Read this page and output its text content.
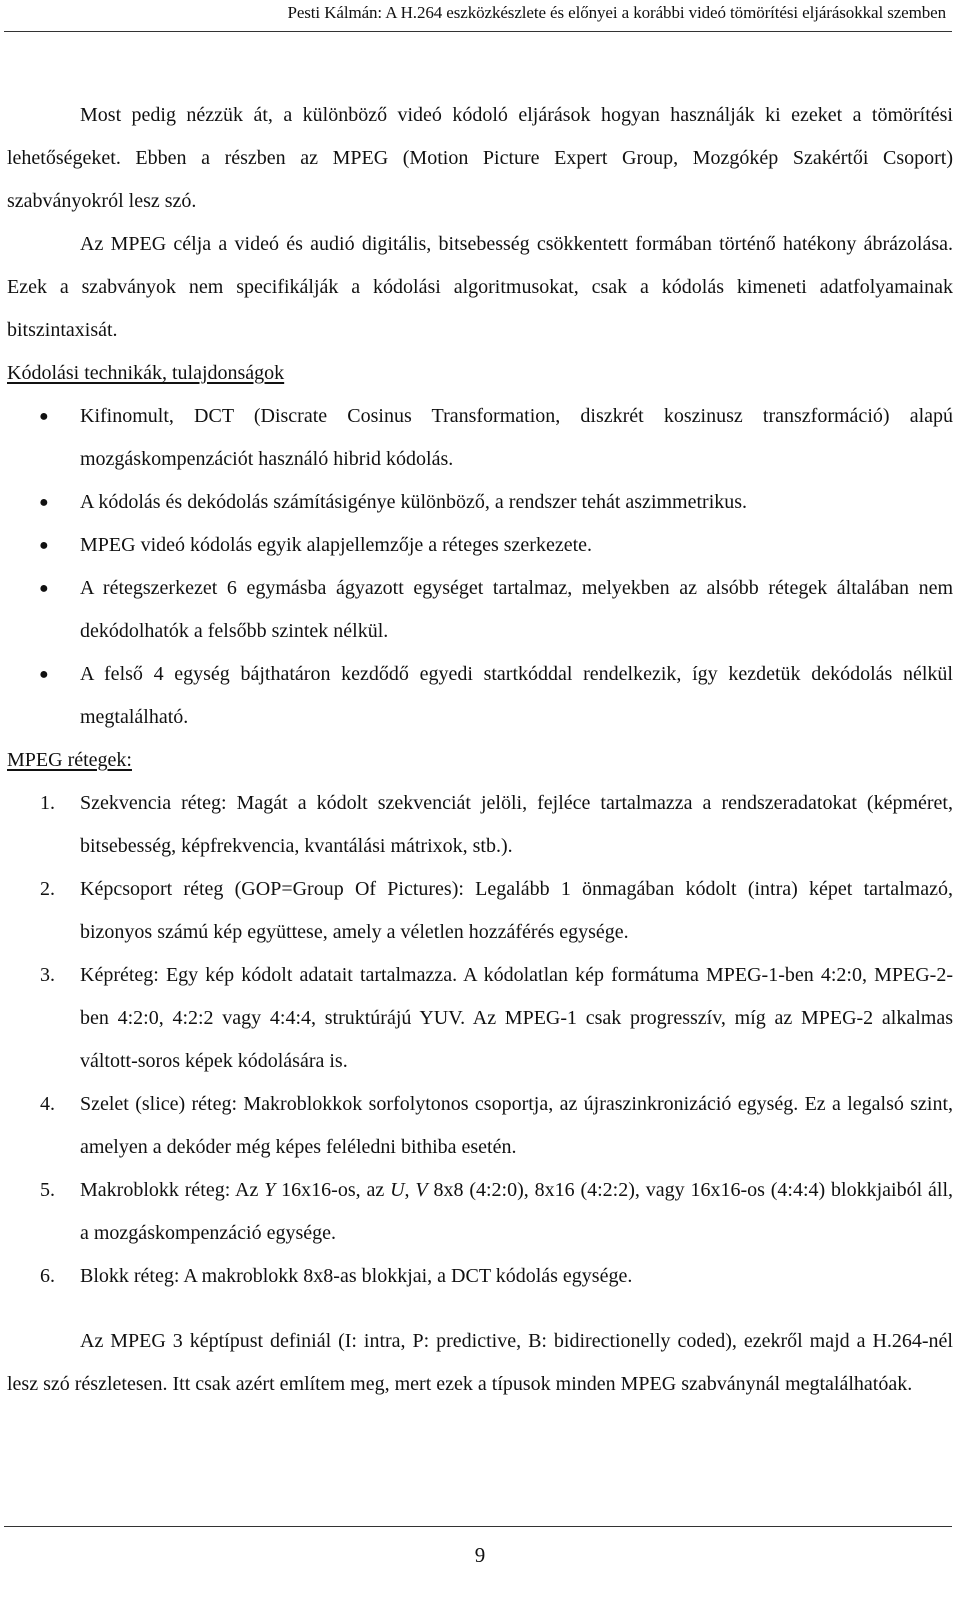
Pesti Kálmán: A H.264 eszközkészlete és előnyei a korábbi videó tömörítési eljárásokkal szemben

Most pedig nézzük át, a különböző videó kódoló eljárások hogyan használják ki ezeket a tömörítési lehetőségeket. Ebben a részben az MPEG (Motion Picture Expert Group, Mozgókép Szakértői Csoport) szabványokról lesz szó.

Az MPEG célja a videó és audió digitális, bitsebesség csökkentett formában történő hatékony ábrázolása. Ezek a szabványok nem specifikálják a kódolási algoritmusokat, csak a kódolás kimeneti adatfolyamainak bitszintaxisát.

Kódolási technikák, tulajdonságok
● Kifinomult, DCT (Discrate Cosinus Transformation, diszkrét koszinusz transzformáció) alapú mozgáskompenzációt használó hibrid kódolás.
● A kódolás és dekódolás számításigénye különböző, a rendszer tehát aszimmetrikus.
● MPEG videó kódolás egyik alapjellemzője a réteges szerkezete.
● A rétegszerkezet 6 egymásba ágyazott egységet tartalmaz, melyekben az alsóbb rétegek általában nem dekódolhatók a felsőbb szintek nélkül.
● A felső 4 egység bájthatáron kezdődő egyedi startkóddal rendelkezik, így kezdetük dekódolás nélkül megtalálható.
MPEG rétegek:
1. Szekvencia réteg: Magát a kódolt szekvenciát jelöli, fejléce tartalmazza a rendszeradatokat (képméret, bitsebesség, képfrekvencia, kvantálási mátrixok, stb.).
2. Képcsoport réteg (GOP=Group Of Pictures): Legalább 1 önmagában kódolt (intra) képet tartalmazó, bizonyos számú kép együttese, amely a véletlen hozzáférés egysége.
3. Képréteg: Egy kép kódolt adatait tartalmazza. A kódolatlan kép formátuma MPEG-1-ben 4:2:0, MPEG-2-ben 4:2:0, 4:2:2 vagy 4:4:4, struktúrájú YUV. Az MPEG-1 csak progresszív, míg az MPEG-2 alkalmas váltott-soros képek kódolására is.
4. Szelet (slice) réteg: Makroblokkok sorfolytonos csoportja, az újraszinkronizáció egység. Ez a legalsó szint, amelyen a dekóder még képes feléledni bithiba esetén.
5. Makroblokk réteg: Az Y 16x16-os, az U, V 8x8 (4:2:0), 8x16 (4:2:2), vagy 16x16-os (4:4:4) blokkjaiból áll, a mozgáskompenzáció egysége.
6. Blokk réteg: A makroblokk 8x8-as blokkjai, a DCT kódolás egysége.

Az MPEG 3 képtípust definiál (I: intra, P: predictive, B: bidirectionelly coded), ezekről majd a H.264-nél lesz szó részletesen. Itt csak azért említem meg, mert ezek a típusok minden MPEG szabványnál megtalálhatóak.

9
